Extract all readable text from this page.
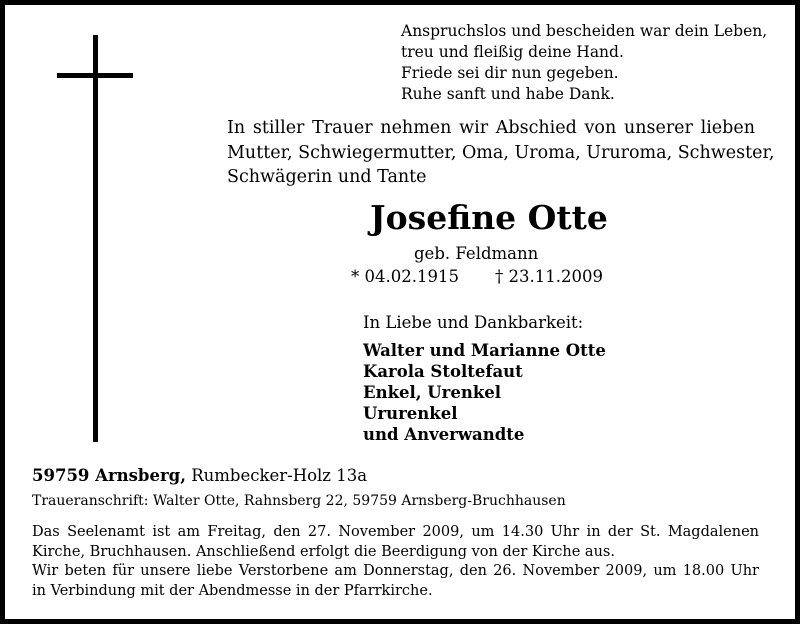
Anspruchslos und bescheiden war dein Leben,
treu und fleißig deine Hand.
Friede sei dir nun gegeben.
Ruhe sanft und habe Dank.
In stiller Trauer nehmen wir Abschied von unserer lieben
Mutter, Schwiegermutter, Oma, Uroma, Ururoma, Schwester,
Schwägerin und Tante
Josefine Otte
geb. Feldmann
* 04.02.1915 † 23.11.2009
In Liebe und Dankbarkeit:
Walter und Marianne Otte
Karola Stoltefaut
Enkel, Urenkel
Ururenkel
und Anverwandte
59759 Arnsberg, Rumbecker-Holz 13a
Traueranschrift: Walter Otte, Rahnsberg 22, 59759 Arnsberg-Bruchhausen
Das Seelenamt ist am Freitag, den 27. November 2009, um 14.30 Uhr in der St. Magdalenen
Kirche, Bruchhausen. Anschließend erfolgt die Beerdigung von der Kirche aus.
Wir beten für unsere liebe Verstorbene am Donnerstag, den 26. November 2009, um 18.00 Uhr
in Verbindung mit der Abendmesse in der Pfarrkirche.
